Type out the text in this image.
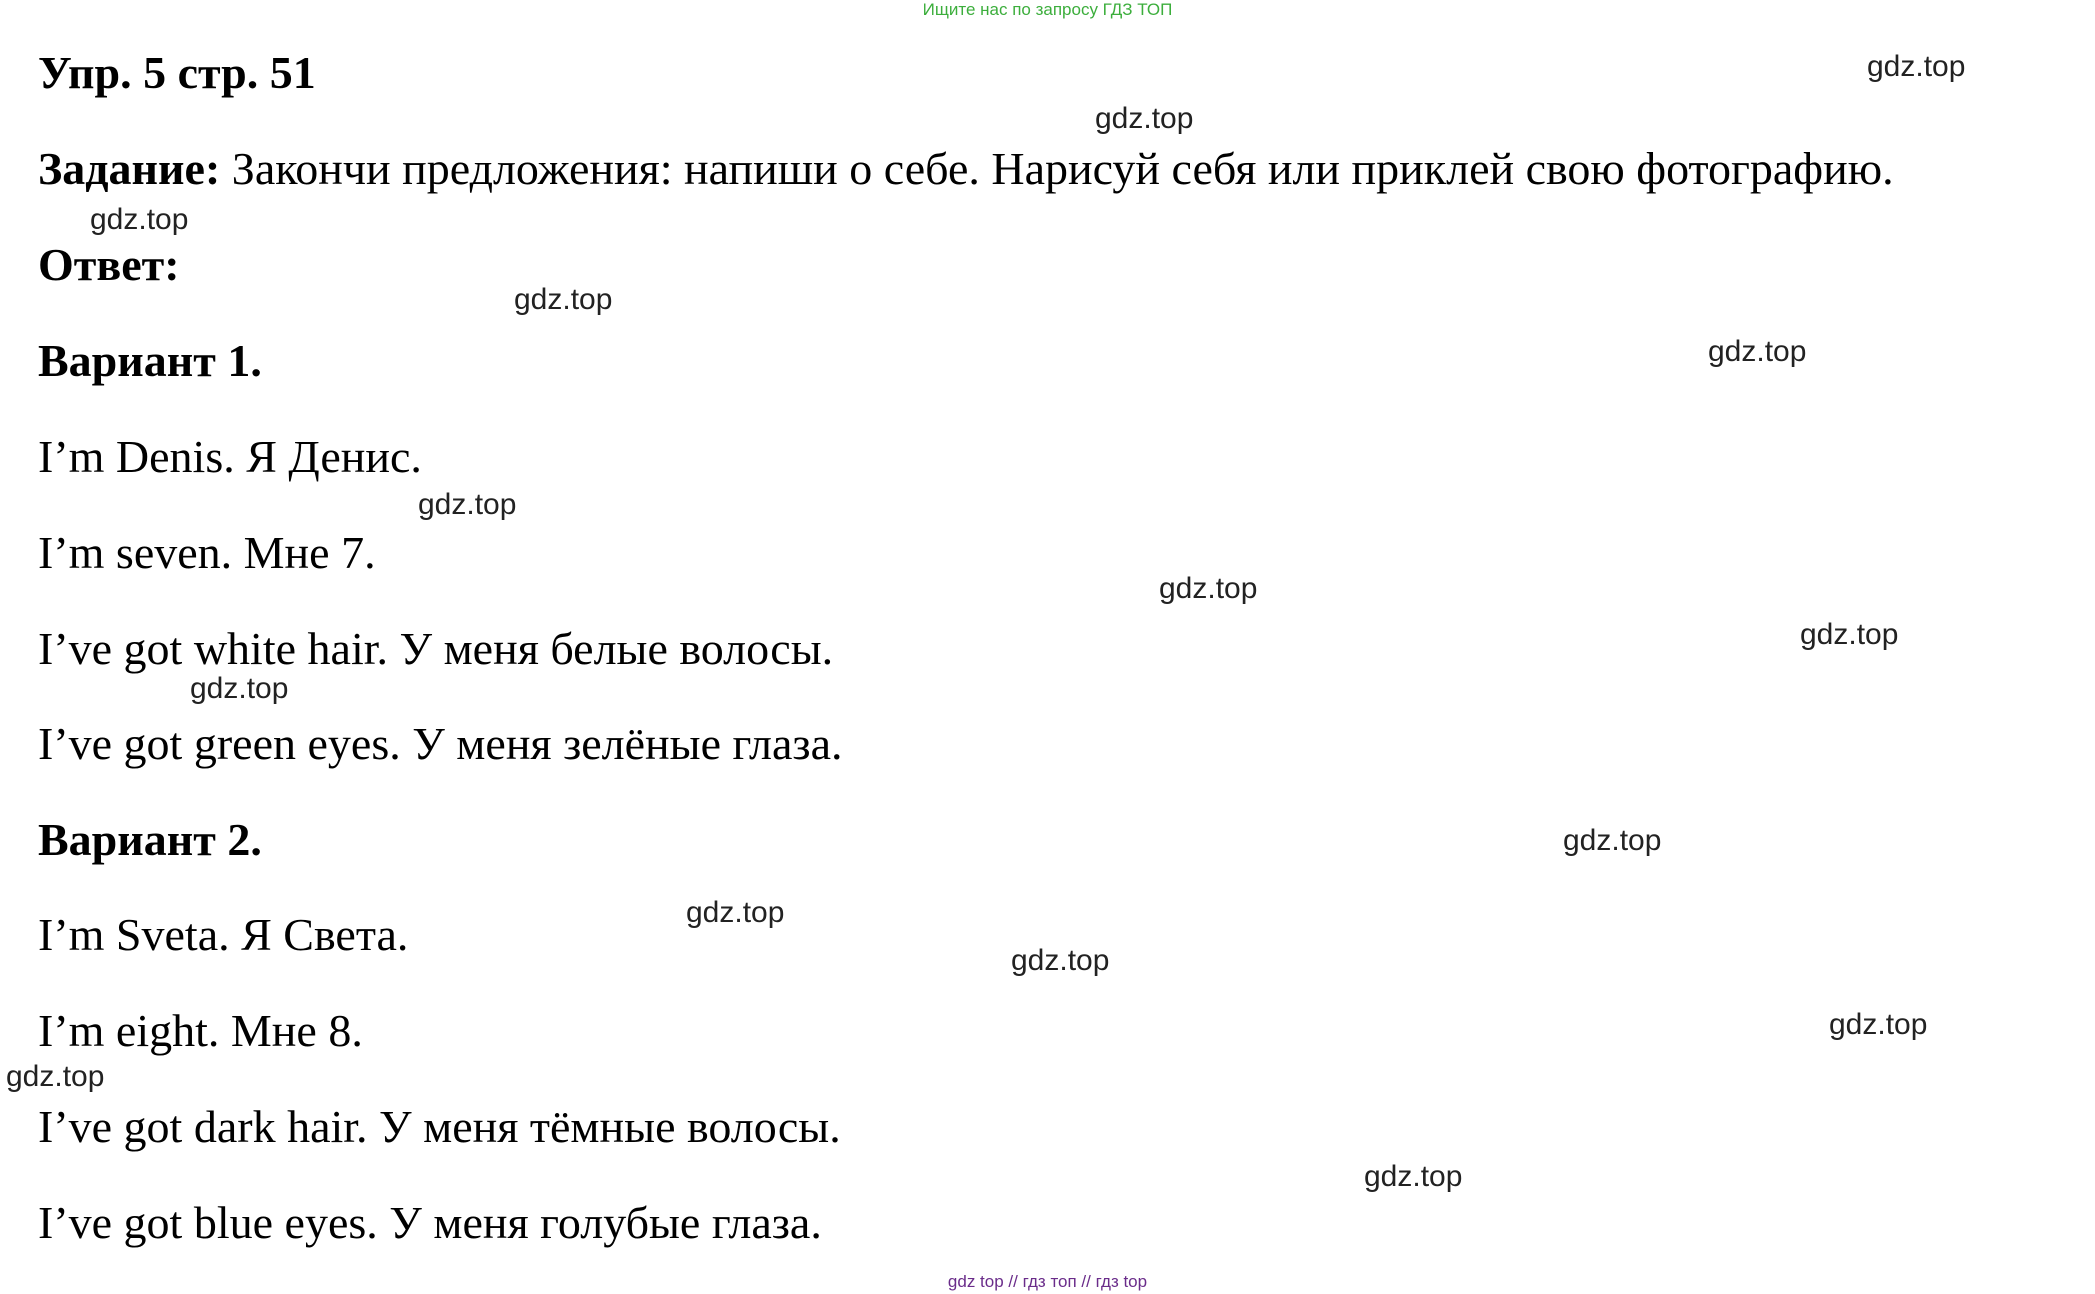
Ищите нас по запросу ГДЗ ТОП
Упр. 5 стр. 51
Задание: Закончи предложения: напиши о себе. Нарисуй себя или приклей свою фотографию.
Ответ:
Вариант 1.
I’m Denis. Я Денис.
I’m seven. Мне 7.
I’ve got white hair. У меня белые волосы.
I’ve got green eyes. У меня зелёные глаза.
Вариант 2.
I’m Sveta. Я Света.
I’m eight. Мне 8.
I’ve got dark hair. У меня тёмные волосы.
I’ve got blue eyes. У меня голубые глаза.
gdz.top
gdz.top
gdz.top
gdz.top
gdz.top
gdz.top
gdz.top
gdz.top
gdz.top
gdz.top
gdz.top
gdz.top
gdz.top
gdz.top
gdz.top
gdz top // гдз топ // гдз top
